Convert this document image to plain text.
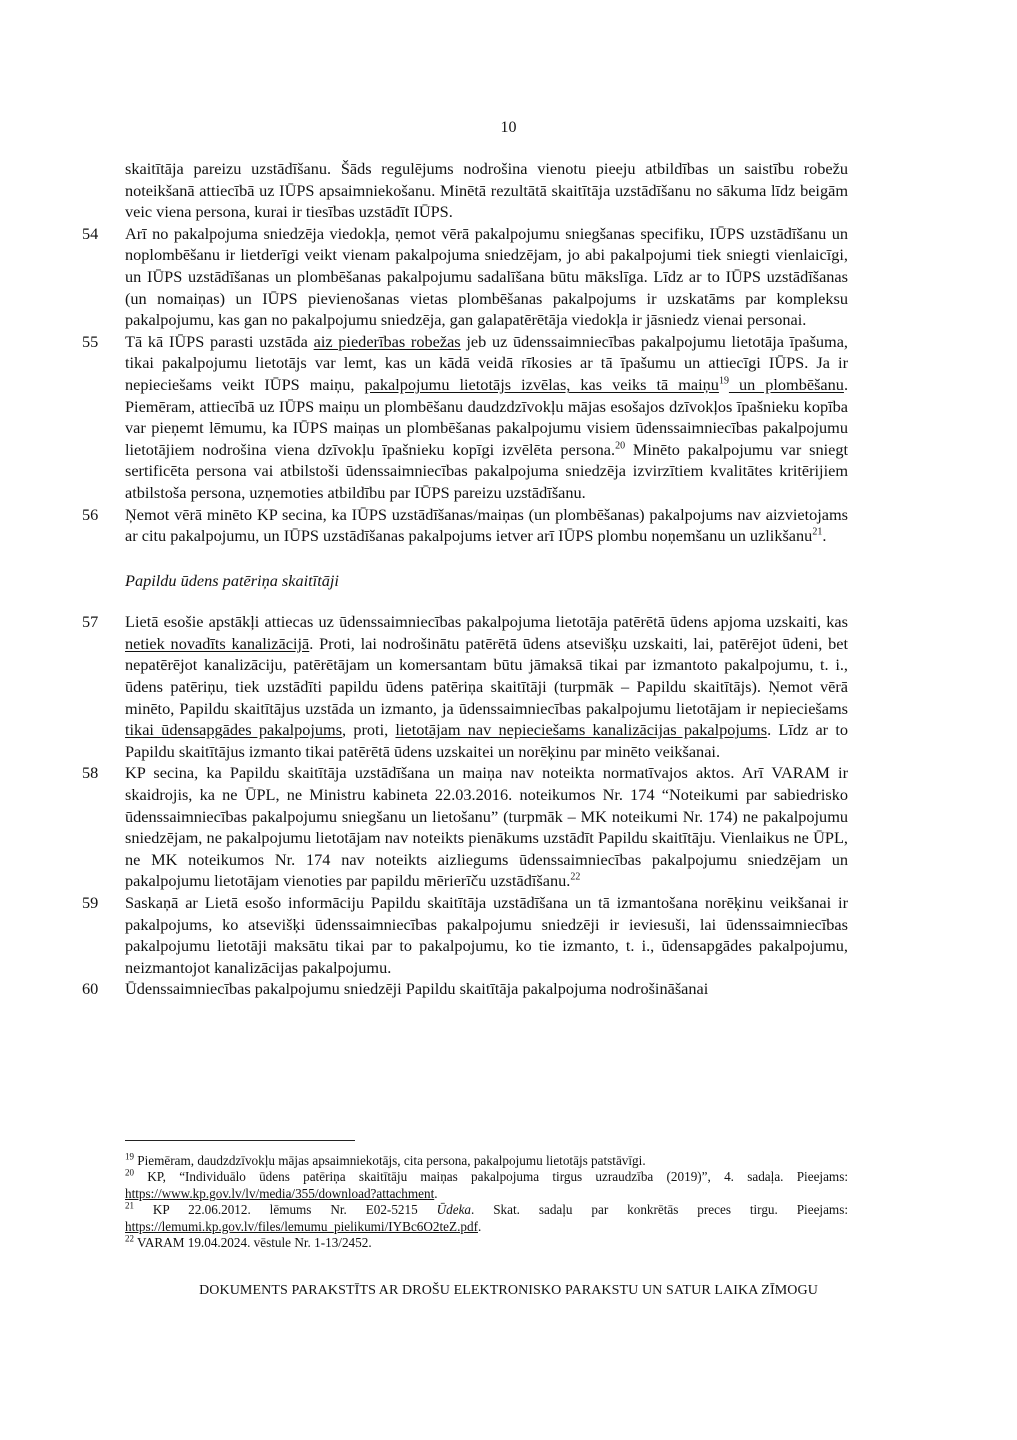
10
skaitītāja pareizu uzstādīšanu. Šāds regulējums nodrošina vienotu pieeju atbildības un saistību robežu noteikšanā attiecībā uz IŪPS apsaimniekošanu. Minētā rezultātā skaitītāja uzstādīšanu no sākuma līdz beigām veic viena persona, kurai ir tiesības uzstādīt IŪPS.
54	Arī no pakalpojuma sniedzēja viedokļa, ņemot vērā pakalpojumu sniegšanas specifiku, IŪPS uzstādīšanu un noplombēšanu ir lietderīgi veikt vienam pakalpojuma sniedzējam, jo abi pakalpojumi tiek sniegti vienlaicīgi, un IŪPS uzstādīšanas un plombēšanas pakalpojumu sadalīšana būtu mākslīga. Līdz ar to IŪPS uzstādīšanas (un nomaiņas) un IŪPS pievienošanas vietas plombēšanas pakalpojums ir uzskatāms par kompleksu pakalpojumu, kas gan no pakalpojumu sniedzēja, gan galapatērētāja viedokļa ir jāsniedz vienai personai.
55	Tā kā IŪPS parasti uzstāda aiz piederības robežas jeb uz ūdenssaimniecības pakalpojumu lietotāja īpašuma, tikai pakalpojumu lietotājs var lemt, kas un kādā veidā rīkosies ar tā īpašumu un attiecīgi IŪPS. Ja ir nepieciešams veikt IŪPS maiņu, pakalpojumu lietotājs izvēlas, kas veiks tā maiņu$^{19}$ un plombēšanu. Piemēram, attiecībā uz IŪPS maiņu un plombēšanu daudzdzīvokļu mājas esošajos dzīvokļos īpašnieku kopība var pieņemt lēmumu, ka IŪPS maiņas un plombēšanas pakalpojumu visiem ūdenssaimniecības pakalpojumu lietotājiem nodrošina viena dzīvokļu īpašnieku kopīgi izvēlēta persona.$^{20}$ Minēto pakalpojumu var sniegt sertificēta persona vai atbilstoši ūdenssaimniecības pakalpojuma sniedzēja izvirzītiem kvalitātes kritērijiem atbilstoša persona, uzņemoties atbildību par IŪPS pareizu uzstādīšanu.
56	Ņemot vērā minēto KP secina, ka IŪPS uzstādīšanas/maiņas (un plombēšanas) pakalpojums nav aizvietojams ar citu pakalpojumu, un IŪPS uzstādīšanas pakalpojums ietver arī IŪPS plombu noņemšanu un uzlikšanu$^{21}$.
Papildu ūdens patēriņa skaitītāji
57	Lietā esošie apstākļi attiecas uz ūdenssaimniecības pakalpojuma lietotāja patērētā ūdens apjoma uzskaiti, kas netiek novadīts kanalizācijā. Proti, lai nodrošinātu patērētā ūdens atsevišķu uzskaiti, lai, patērējot ūdeni, bet nepatērējot kanalizāciju, patērētājam un komersantam būtu jāmaksā tikai par izmantoto pakalpojumu, t. i., ūdens patēriņu, tiek uzstādīti papildu ūdens patēriņa skaitītāji (turpmāk – Papildu skaitītājs). Ņemot vērā minēto, Papildu skaitītājus uzstāda un izmanto, ja ūdenssaimniecības pakalpojumu lietotājam ir nepieciešams tikai ūdensapgādes pakalpojums, proti, lietotājam nav nepieciešams kanalizācijas pakalpojums. Līdz ar to Papildu skaitītājus izmanto tikai patērētā ūdens uzskaitei un norēķinu par minēto veikšanai.
58	KP secina, ka Papildu skaitītāja uzstādīšana un maiņa nav noteikta normatīvajos aktos. Arī VARAM ir skaidrojis, ka ne ŪPL, ne Ministru kabineta 22.03.2016. noteikumos Nr. 174 “Noteikumi par sabiedrisko ūdenssaimniecības pakalpojumu sniegšanu un lietošanu” (turpmāk – MK noteikumi Nr. 174) ne pakalpojumu sniedzējam, ne pakalpojumu lietotājam nav noteikts pienākums uzstādīt Papildu skaitītāju. Vienlaikus ne ŪPL, ne MK noteikumos Nr. 174 nav noteikts aizliegums ūdenssaimniecības pakalpojumu sniedzējam un pakalpojumu lietotājam vienoties par papildu mērierīču uzstādīšanu.$^{22}$
59	Saskaņā ar Lietā esošo informāciju Papildu skaitītāja uzstādīšana un tā izmantošana norēķinu veikšanai ir pakalpojums, ko atsevišķi ūdenssaimniecības pakalpojumu sniedzēji ir ieviesuši, lai ūdenssaimniecības pakalpojumu lietotāji maksātu tikai par to pakalpojumu, ko tie izmanto, t. i., ūdensapgādes pakalpojumu, neizmantojot kanalizācijas pakalpojumu.
60	Ūdenssaimniecības pakalpojumu sniedzēji Papildu skaitītāja pakalpojuma nodrošināšanai
$^{19}$ Piemēram, daudzdzīvokļu mājas apsaimniekotājs, cita persona, pakalpojumu lietotājs patstāvīgi.
$^{20}$ KP, “Individuālo ūdens patēriņa skaitītāju maiņas pakalpojuma tirgus uzraudzība (2019)”, 4. sadaļa. Pieejams: https://www.kp.gov.lv/lv/media/355/download?attachment.
$^{21}$ KP 22.06.2012. lēmums Nr. E02-5215 Ūdeka. Skat. sadaļu par konkrētās preces tirgu. Pieejams: https://lemumi.kp.gov.lv/files/lemumu_pielikumi/IYBc6O2teZ.pdf.
$^{22}$ VARAM 19.04.2024. vēstule Nr. 1-13/2452.
DOKUMENTS PARAKSTĪTS AR DROŠU ELEKTRONISKO PARAKSTU UN SATUR LAIKA ZĪMOGU
